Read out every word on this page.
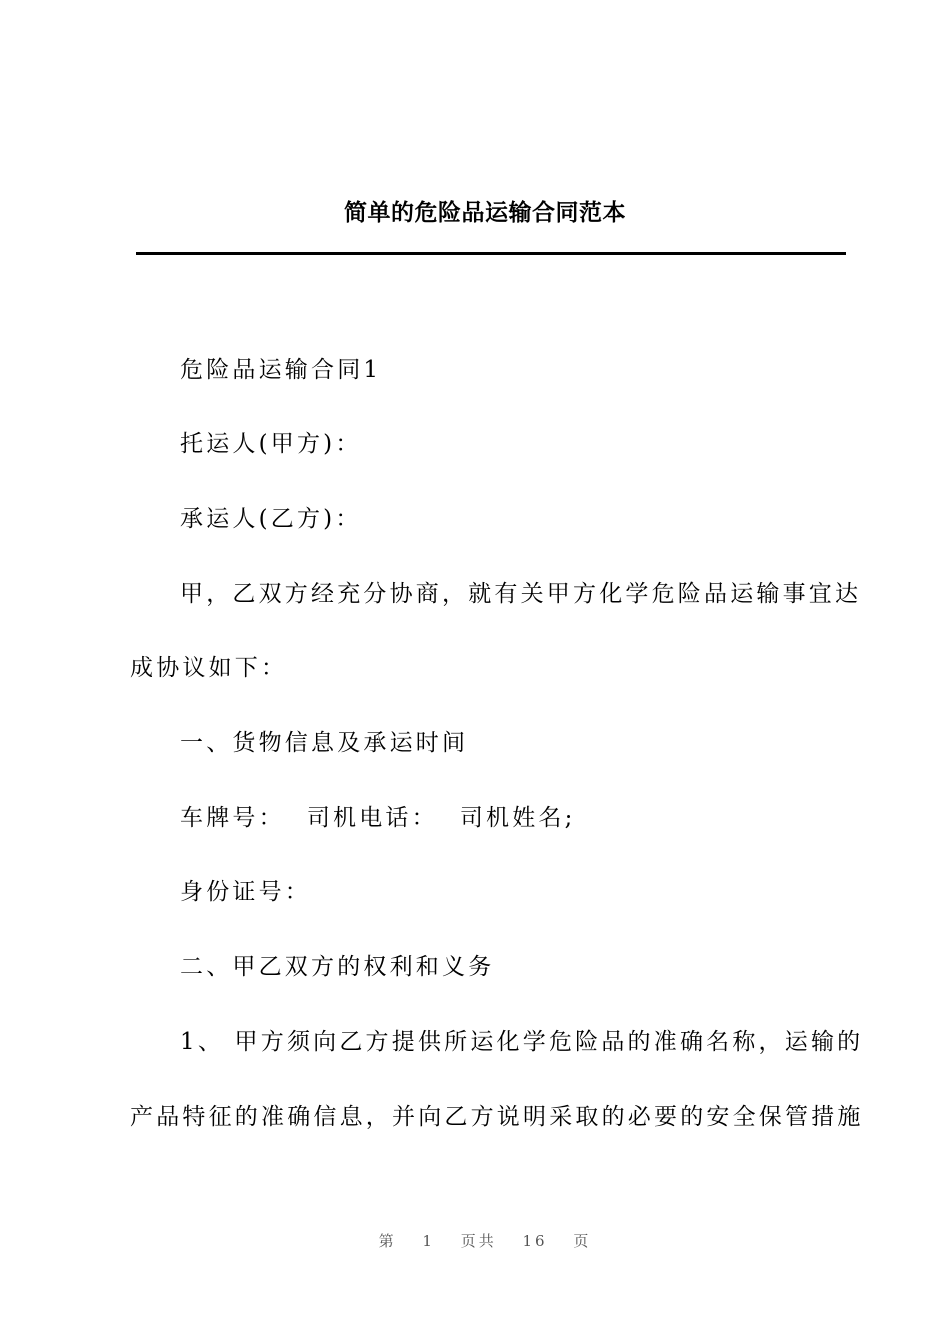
简单的危险品运输合同范本
危险品运输合同1
托运人(甲方)：
承运人(乙方)：
甲，乙双方经充分协商，就有关甲方化学危险品运输事宜达
成协议如下：
一、货物信息及承运时间
车牌号： 司机电话： 司机姓名;
身份证号：
二、甲乙双方的权利和义务
1、 甲方须向乙方提供所运化学危险品的准确名称，运输的
产品特征的准确信息，并向乙方说明采取的必要的安全保管措施
第 1 页共 16 页
